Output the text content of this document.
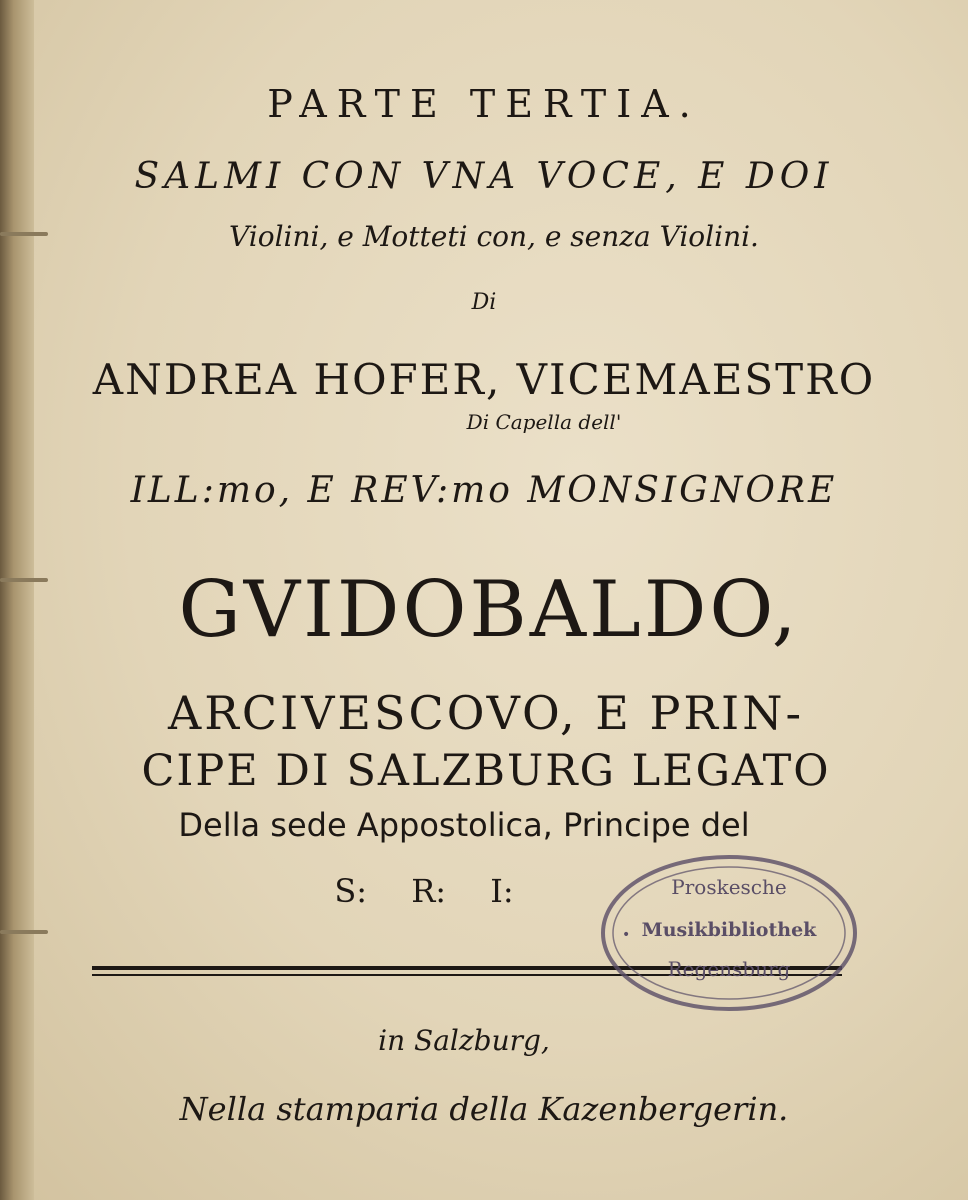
PARTE TERTIA.
SALMI CON VNA VOCE, E DOI
Violini, e Motteti con, e senza Violini.
Di
ANDREA HOFER, VICEMAESTRO
Di Capella dell'
ILL:mo, E REV:mo MONSIGNORE
GVIDOBALDO,
ARCIVESCOVO, E PRIN-
CIPE DI SALZBURG LEGATO
Della sede Appostolica, Principe del
S: R: I:	Proskesche
Musikbibliothek
Regensburg
•
in Salzburg,
Nella stamparia della Kazenbergerin.
